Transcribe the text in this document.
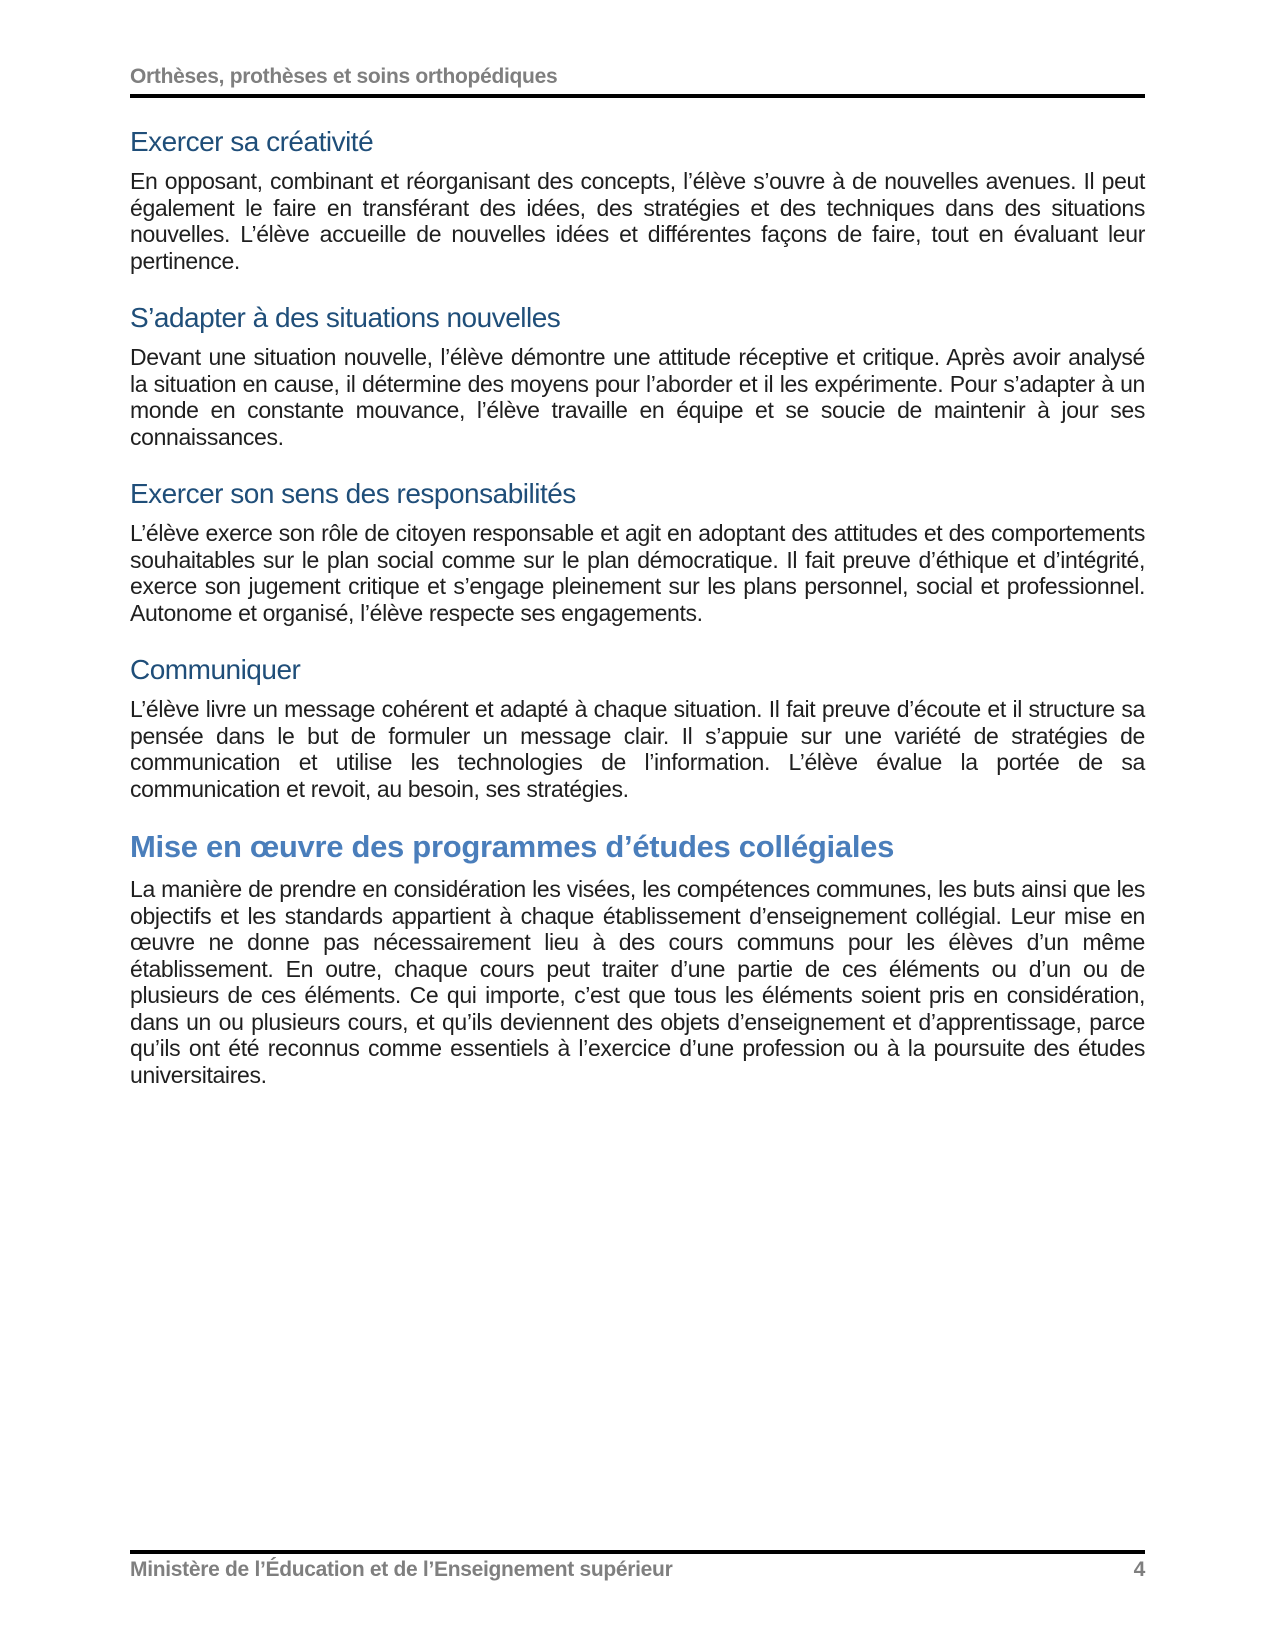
Orthèses, prothèses et soins orthopédiques
Exercer sa créativité

En opposant, combinant et réorganisant des concepts, l’élève s’ouvre à de nouvelles avenues. Il peut également le faire en transférant des idées, des stratégies et des techniques dans des situations nouvelles. L’élève accueille de nouvelles idées et différentes façons de faire, tout en évaluant leur pertinence.

S’adapter à des situations nouvelles

Devant une situation nouvelle, l’élève démontre une attitude réceptive et critique. Après avoir analysé la situation en cause, il détermine des moyens pour l’aborder et il les expérimente. Pour s’adapter à un monde en constante mouvance, l’élève travaille en équipe et se soucie de maintenir à jour ses connaissances.

Exercer son sens des responsabilités

L’élève exerce son rôle de citoyen responsable et agit en adoptant des attitudes et des comportements souhaitables sur le plan social comme sur le plan démocratique. Il fait preuve d’éthique et d’intégrité, exerce son jugement critique et s’engage pleinement sur les plans personnel, social et professionnel. Autonome et organisé, l’élève respecte ses engagements.

Communiquer

L’élève livre un message cohérent et adapté à chaque situation. Il fait preuve d’écoute et il structure sa pensée dans le but de formuler un message clair. Il s’appuie sur une variété de stratégies de communication et utilise les technologies de l’information. L’élève évalue la portée de sa communication et revoit, au besoin, ses stratégies.

Mise en œuvre des programmes d’études collégiales

La manière de prendre en considération les visées, les compétences communes, les buts ainsi que les objectifs et les standards appartient à chaque établissement d’enseignement collégial. Leur mise en œuvre ne donne pas nécessairement lieu à des cours communs pour les élèves d’un même établissement. En outre, chaque cours peut traiter d’une partie de ces éléments ou d’un ou de plusieurs de ces éléments. Ce qui importe, c’est que tous les éléments soient pris en considération, dans un ou plusieurs cours, et qu’ils deviennent des objets d’enseignement et d’apprentissage, parce qu’ils ont été reconnus comme essentiels à l’exercice d’une profession ou à la poursuite des études universitaires.

Ministère de l’Éducation et de l’Enseignement supérieur	4
